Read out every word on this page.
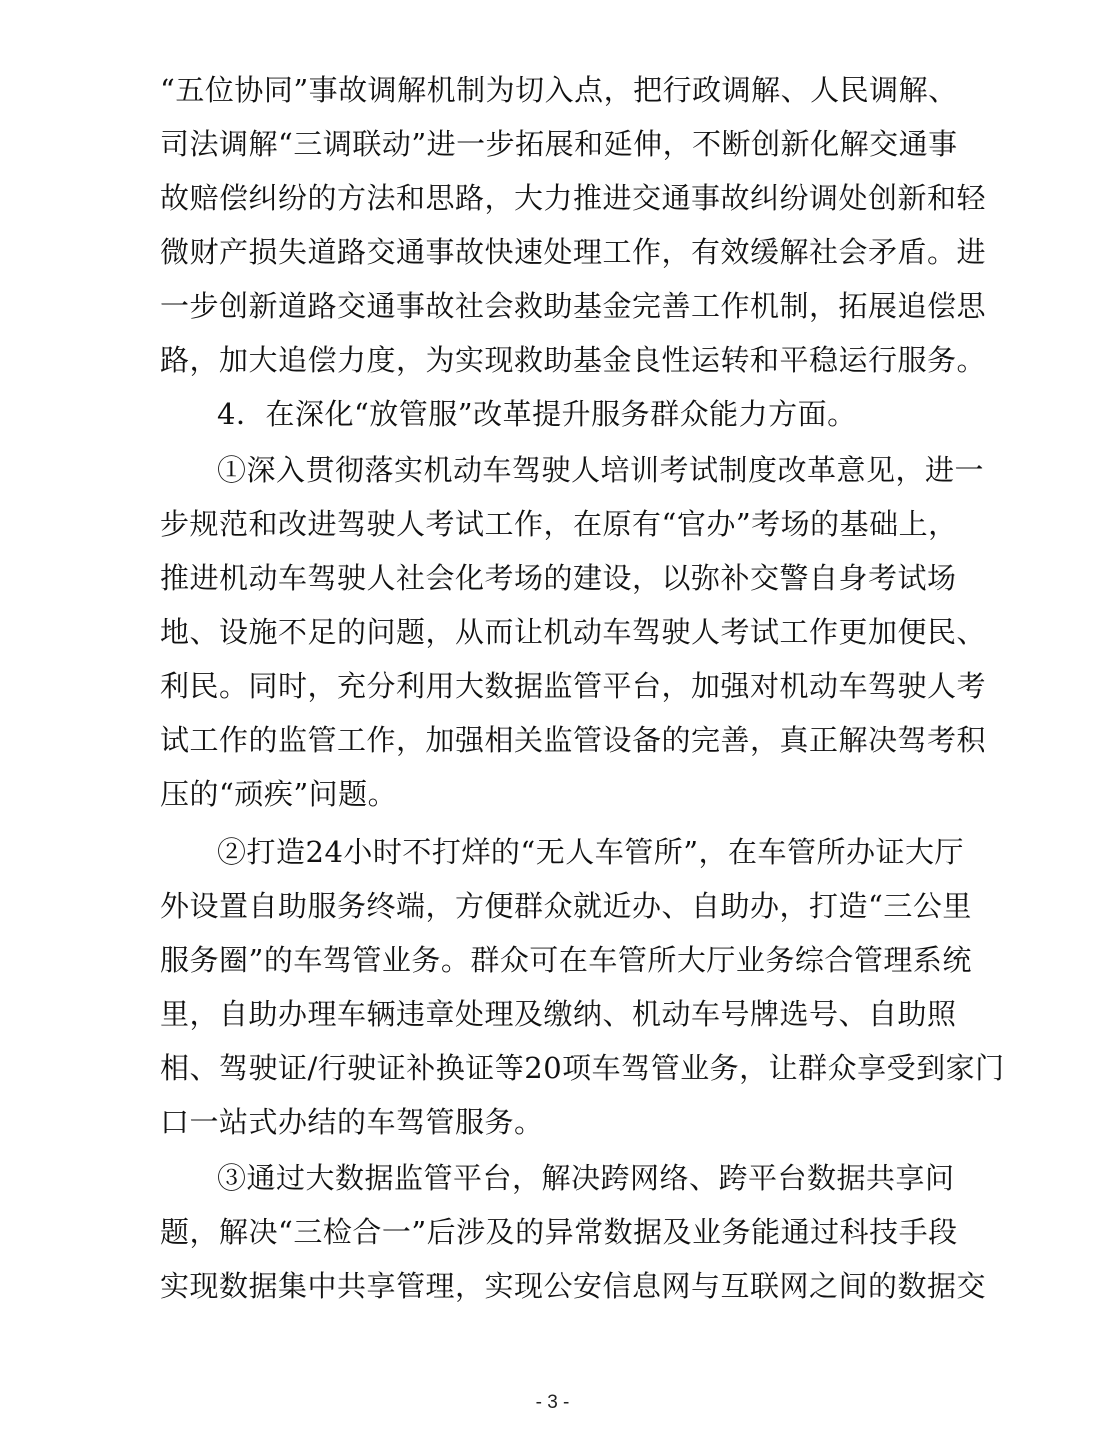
“五位协同”事故调解机制为切入点，把行政调解、人民调解、
司法调解“三调联动”进一步拓展和延伸，不断创新化解交通事
故赔偿纠纷的方法和思路，大力推进交通事故纠纷调处创新和轻
微财产损失道路交通事故快速处理工作，有效缓解社会矛盾。进
一步创新道路交通事故社会救助基金完善工作机制，拓展追偿思
路，加大追偿力度，为实现救助基金良性运转和平稳运行服务。
4．在深化“放管服”改革提升服务群众能力方面。
①深入贯彻落实机动车驾驶人培训考试制度改革意见，进一
步规范和改进驾驶人考试工作，在原有“官办”考场的基础上，
推进机动车驾驶人社会化考场的建设，以弥补交警自身考试场
地、设施不足的问题，从而让机动车驾驶人考试工作更加便民、
利民。同时，充分利用大数据监管平台，加强对机动车驾驶人考
试工作的监管工作，加强相关监管设备的完善，真正解决驾考积
压的“顽疾”问题。
②打造24小时不打烊的“无人车管所”，在车管所办证大厅
外设置自助服务终端，方便群众就近办、自助办，打造“三公里
服务圈”的车驾管业务。群众可在车管所大厅业务综合管理系统
里，自助办理车辆违章处理及缴纳、机动车号牌选号、自助照
相、驾驶证/行驶证补换证等20项车驾管业务，让群众享受到家门
口一站式办结的车驾管服务。
③通过大数据监管平台，解决跨网络、跨平台数据共享问
题，解决“三检合一”后涉及的异常数据及业务能通过科技手段
实现数据集中共享管理，实现公安信息网与互联网之间的数据交
- 3 -
